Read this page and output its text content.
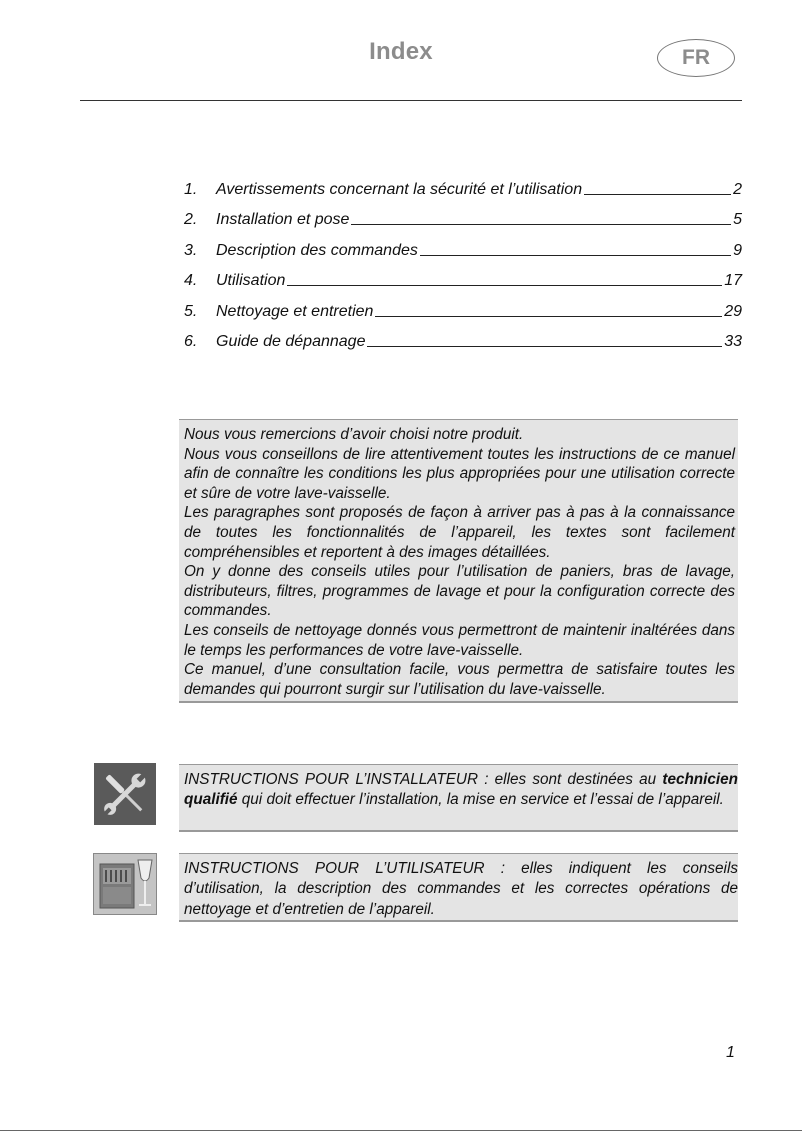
Index	FR
1.	Avertissements concernant la sécurité et l’utilisation	2
2.	Installation et pose	5
3.	Description des commandes	9
4.	Utilisation	17
5.	Nettoyage et entretien	29
6.	Guide de dépannage	33

Nous vous remercions d’avoir choisi notre produit.

Nous vous conseillons de lire attentivement toutes les instructions de ce manuel afin de connaître les conditions les plus appropriées pour une utilisation correcte et sûre de votre lave-vaisselle.

Les paragraphes sont proposés de façon à arriver pas à pas à la connaissance de toutes les fonctionnalités de l’appareil, les textes sont facilement compréhensibles et reportent à des images détaillées.

On y donne des conseils utiles pour l’utilisation de paniers, bras de lavage, distributeurs, filtres, programmes de lavage et pour la configuration correcte des commandes.

Les conseils de nettoyage donnés vous permettront de maintenir inaltérées dans le temps les performances de votre lave-vaisselle.

Ce manuel, d’une consultation facile, vous permettra de satisfaire toutes les demandes qui pourront surgir sur l’utilisation du lave-vaisselle.

INSTRUCTIONS POUR L’INSTALLATEUR : elles sont destinées au technicien qualifié qui doit effectuer l’installation, la mise en service et l’essai de l’appareil.

INSTRUCTIONS POUR L’UTILISATEUR : elles indiquent les conseils d’utilisation, la description des commandes et les correctes opérations de nettoyage et d’entretien de l’appareil.

1
